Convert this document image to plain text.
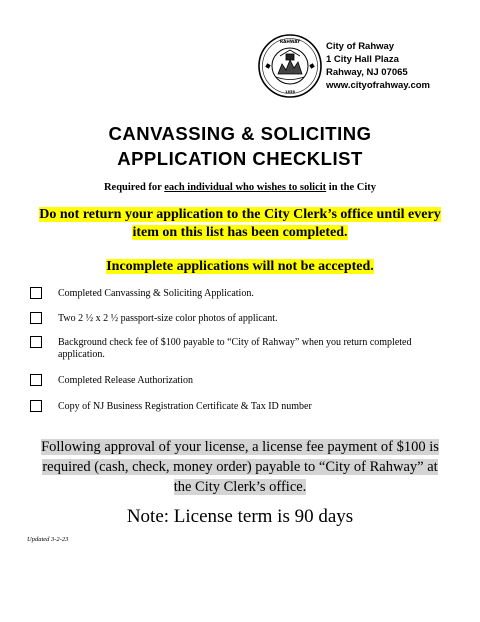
RAHWAY
1858
City of Rahway
1 City Hall Plaza
Rahway, NJ 07065
www.cityofrahway.com
CANVASSING & SOLICITING
APPLICATION CHECKLIST
Required for each individual who wishes to solicit in the City
Do not return your application to the City Clerk’s office until every item on this list has been completed.
Incomplete applications will not be accepted.
Completed Canvassing & Soliciting Application.
Two 2 ½ x 2 ½ passport-size color photos of applicant.
Background check fee of $100 payable to “City of Rahway” when you return completed application.
Completed Release Authorization
Copy of NJ Business Registration Certificate & Tax ID number
Following approval of your license, a license fee payment of $100 is required (cash, check, money order) payable to “City of Rahway” at the City Clerk’s office.
Note: License term is 90 days
Updated 3-2-23
